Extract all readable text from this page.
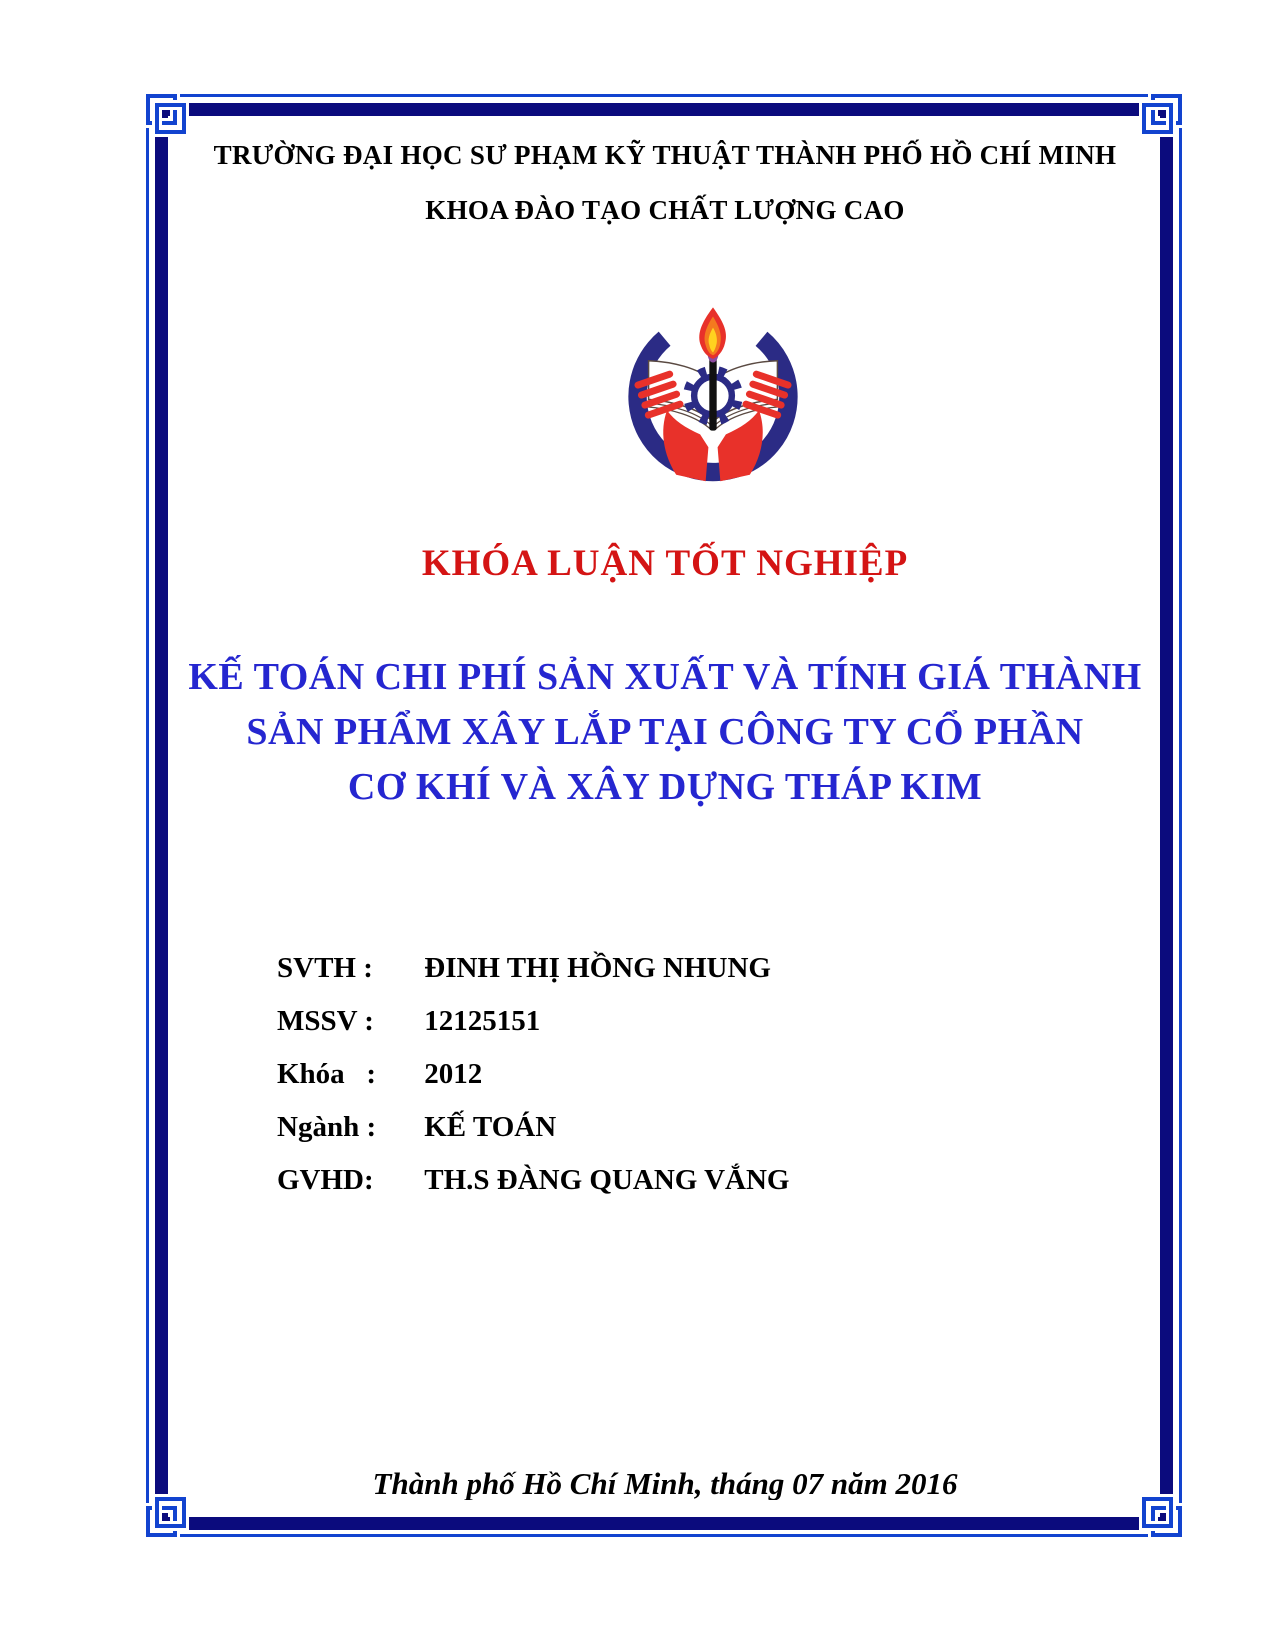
TRƯỜNG ĐẠI HỌC SƯ PHẠM KỸ THUẬT THÀNH PHỐ HỒ CHÍ MINH
KHOA ĐÀO TẠO CHẤT LƯỢNG CAO
KHÓA LUẬN TỐT NGHIỆP
KẾ TOÁN CHI PHÍ SẢN XUẤT VÀ TÍNH GIÁ THÀNH
SẢN PHẨM XÂY LẮP TẠI CÔNG TY CỔ PHẦN
CƠ KHÍ VÀ XÂY DỰNG THÁP KIM
SVTH : ĐINH THỊ HỒNG NHUNG
MSSV : 12125151
Khóa   : 2012
Ngành : KẾ TOÁN
GVHD: TH.S ĐÀNG QUANG VẮNG
Thành phố Hồ Chí Minh, tháng 07 năm 2016
